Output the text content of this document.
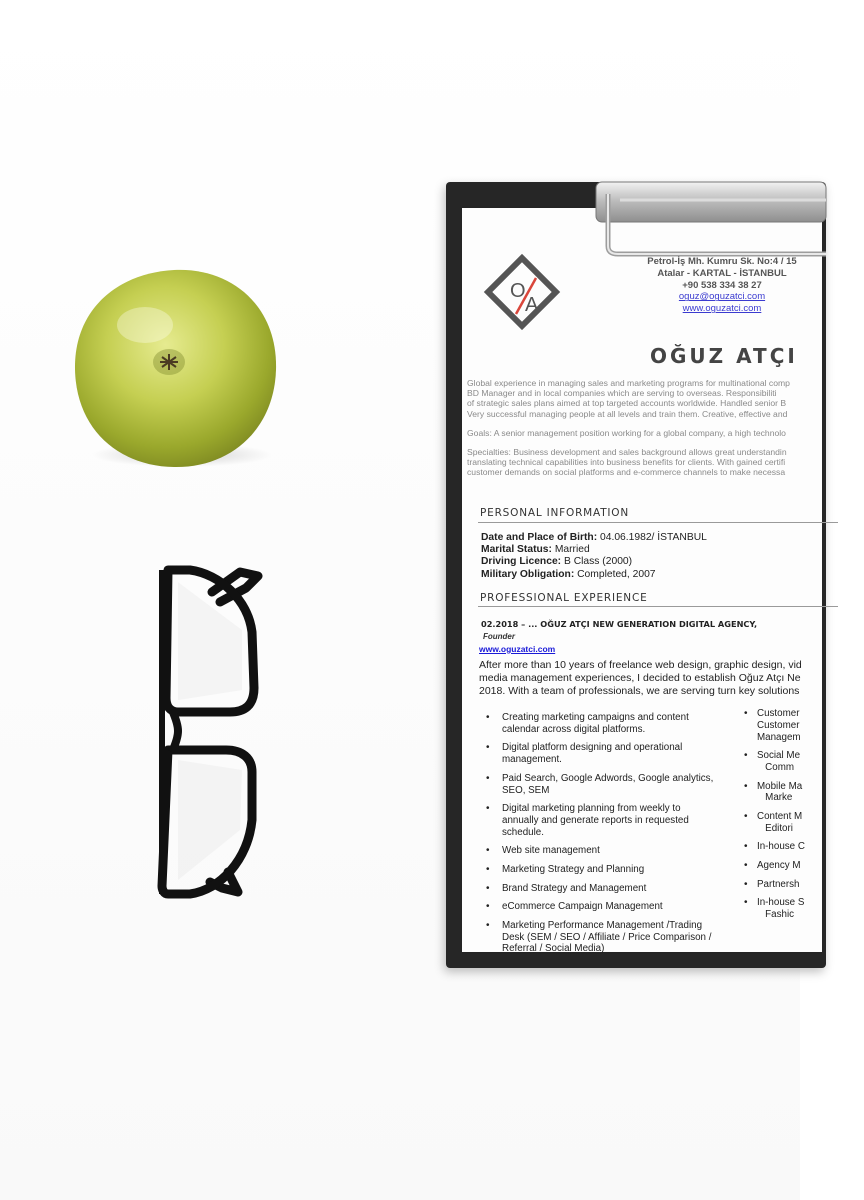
O
A
Petrol-İş Mh. Kumru Sk. No:4 / 15
Atalar - KARTAL - İSTANBUL
+90 538 334 38 27
oguz@oguzatci.com
www.oguzatci.com
OĞUZ ATÇI

Global experience in managing sales and marketing programs for multinational comp
BD Manager and in local companies which are serving to overseas. Responsibiliti
of strategic sales plans aimed at top targeted accounts worldwide. Handled senior B
Very successful managing people at all levels and train them. Creative, effective and

Goals: A senior management position working for a global company, a high technolo

Specialties: Business development and sales background allows great understandin
translating technical capabilities into business benefits for clients. With gained certifi
customer demands on social platforms and e-commerce channels to make necessa

PERSONAL INFORMATION
Date and Place of Birth: 04.06.1982/ İSTANBUL
Marital Status: Married
Driving Licence: B Class (2000)
Military Obligation: Completed, 2007
PROFESSIONAL EXPERIENCE
02.2018 – ... OĞUZ ATÇI NEW GENERATION DIGITAL AGENCY,
Founder
www.oguzatci.com
After more than 10 years of freelance web design, graphic design, vid
media management experiences, I decided to establish Oğuz Atçı Ne
2018. With a team of professionals, we are serving turn key solutions
• Creating marketing campaigns and content calendar across digital platforms.
• Digital platform designing and operational management.
• Paid Search, Google Adwords, Google analytics, SEO, SEM
• Digital marketing planning from weekly to annually and generate reports in requested schedule.
• Web site management
• Marketing Strategy and Planning
• Brand Strategy and Management
• eCommerce Campaign Management
• Marketing Performance Management /Trading Desk (SEM / SEO / Affiliate / Price Comparison / Referral / Social Media)
• Customer
Customer
Managem
• Social Me
Comm
• Mobile Ma
Marke
• Content M
Editori
• In-house C
• Agency M
• Partnersh
• In-house S
Fashic
